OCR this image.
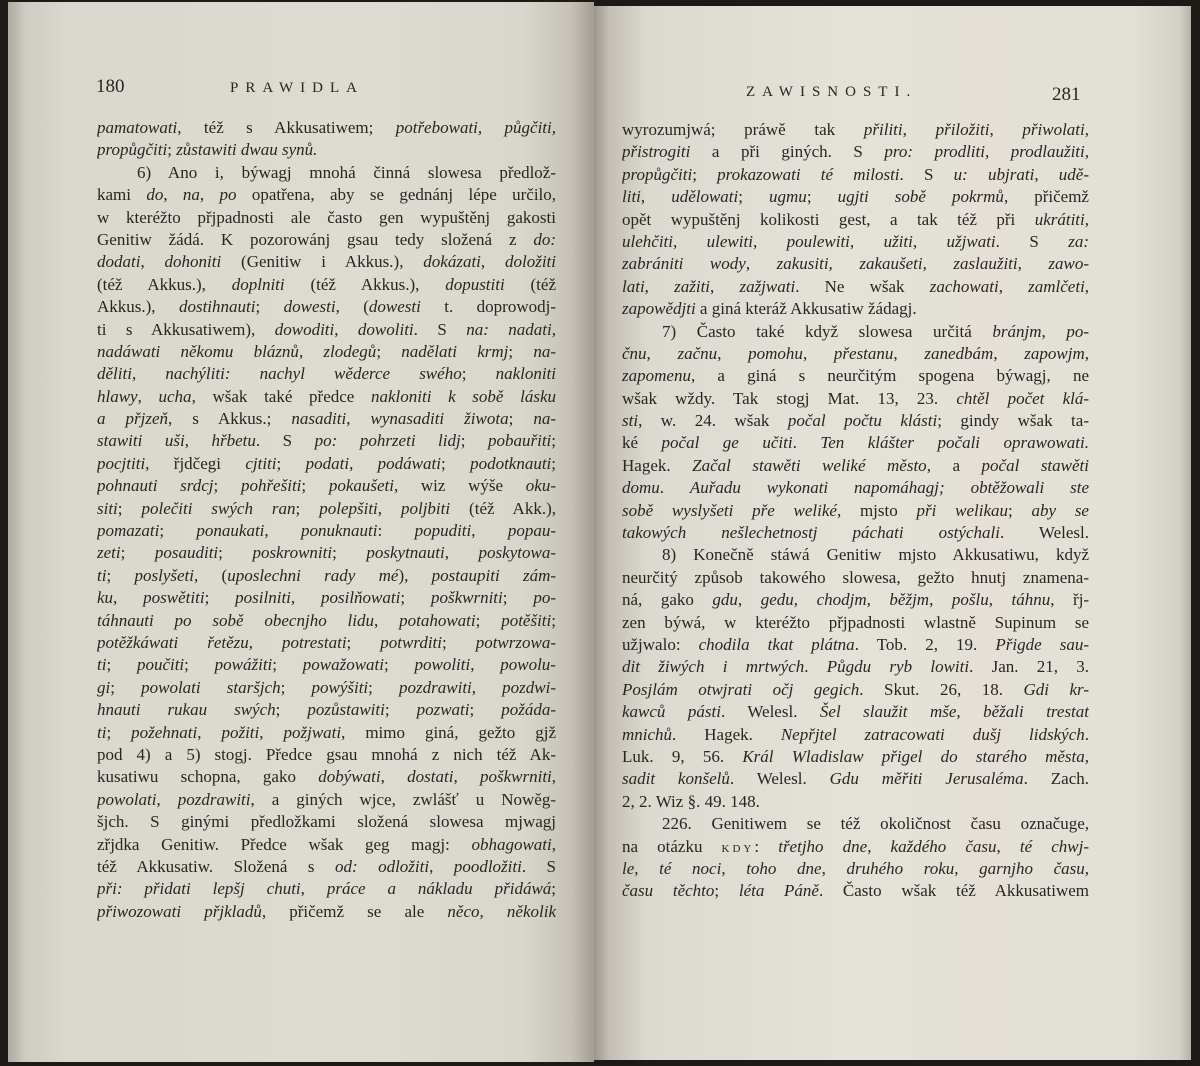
180	PRAWIDLA	ZAWISNOSTI.	281
pamatowati, též s Akkusatiwem; potřebowati, půgčiti,
propůgčiti; zůstawiti dwau synů.
6) Ano i, býwagj mnohá činná slowesa předlož-
kami do, na, po opatřena, aby se gednánj lépe určilo,
w kteréžto přjpadnosti ale často gen wypuštěnj gakosti
Genitiw žádá. K pozorowánj gsau tedy složená z do:
dodati, dohoniti (Genitiw i Akkus.), dokázati, doložiti
(též Akkus.), doplniti (též Akkus.), dopustiti (též
Akkus.), dostihnauti; dowesti, (dowesti t. doprowodj-
ti s Akkusatiwem), dowoditi, dowoliti. S na: nadati,
nadáwati někomu bláznů, zlodegů; nadělati krmj; na-
děliti, nachýliti: nachyl wěderce swého; nakloniti
hlawy, ucha, wšak také předce nakloniti k sobě lásku
a přjzeň, s Akkus.; nasaditi, wynasaditi žiwota; na-
stawiti uši, hřbetu. S po: pohrzeti lidj; pobauřiti;
pocjtiti, řjdčegi cjtiti; podati, podáwati; podotknauti;
pohnauti srdcj; pohřešiti; pokaušeti, wiz wýše oku-
siti; polečiti swých ran; polepšiti, poljbiti (též Akk.),
pomazati; ponaukati, ponuknauti: popuditi, popau-
zeti; posauditi; poskrowniti; poskytnauti, poskytowa-
ti; poslyšeti, (uposlechni rady mé), postaupiti zám-
ku, poswětiti; posilniti, posilňowati; poškwrniti; po-
táhnauti po sobě obecnjho lidu, potahowati; potěšiti;
potěžkáwati řetězu, potrestati; potwrditi; potwrzowa-
ti; poučiti; powážiti; powažowati; powoliti, powolu-
gi; powolati staršjch; powýšiti; pozdrawiti, pozdwi-
hnauti rukau swých; pozůstawiti; pozwati; požáda-
ti; požehnati, požiti, požjwati, mimo giná, gežto gjž
pod 4) a 5) stogj. Předce gsau mnohá z nich též Ak-
kusatiwu schopna, gako dobýwati, dostati, poškwrniti,
powolati, pozdrawiti, a giných wjce, zwlášť u Nowěg-
šjch. S ginými předložkami složená slowesa mjwagj
zřjdka Genitiw. Předce wšak geg magj: obhagowati,
též Akkusatiw. Složená s od: odložiti, poodložiti. S
při: přidati lepšj chuti, práce a nákladu přidáwá;
přiwozowati přjkladů, přičemž se ale něco, několik
wyrozumjwá; práwě tak přiliti, přiložiti, přiwolati,
přistrogiti a při giných. S pro: prodliti, prodlaužiti,
propůgčiti; prokazowati té milosti. S u: ubjrati, udě-
liti, udělowati; ugmu; ugjti sobě pokrmů, přičemž
opět wypuštěnj kolikosti gest, a tak též při ukrátiti,
ulehčiti, ulewiti, poulewiti, užiti, užjwati. S za:
zabrániti wody, zakusiti, zakaušeti, zaslaužiti, zawo-
lati, zažiti, zažjwati. Ne wšak zachowati, zamlčeti,
zapowědjti a giná kteráž Akkusatiw žádagj.
7) Často také když slowesa určitá bránjm, po-
čnu, začnu, pomohu, přestanu, zanedbám, zapowjm,
zapomenu, a giná s neurčitým spogena býwagj, ne
wšak wždy. Tak stogj Mat. 13, 23. chtěl počet klá-
sti, w. 24. wšak počal počtu klásti; gindy wšak ta-
ké počal ge učiti. Ten klášter počali oprawowati.
Hagek. Začal stawěti weliké město, a počal stawěti
domu. Auřadu wykonati napomáhagj; obtěžowali ste
sobě wyslyšeti pře weliké, mjsto při welikau; aby se
takowých nešlechetnostj páchati ostýchali. Welesl.
8) Konečně stáwá Genitiw mjsto Akkusatiwu, když
neurčitý způsob takowého slowesa, gežto hnutj znamena-
ná, gako gdu, gedu, chodjm, běžjm, pošlu, táhnu, řj-
zen býwá, w kteréžto přjpadnosti wlastně Supinum se
užjwalo: chodila tkat plátna. Tob. 2, 19. Přigde sau-
dit žiwých i mrtwých. Půgdu ryb lowiti. Jan. 21, 3.
Posjlám otwjrati očj gegich. Skut. 26, 18. Gdi kr-
kawců pásti. Welesl. Šel slaužit mše, běžali trestat
mnichů. Hagek. Nepřjtel zatracowati dušj lidských.
Luk. 9, 56. Král Wladislaw přigel do starého města,
sadit konšelů. Welesl. Gdu měřiti Jerusaléma. Zach.
2, 2. Wiz §. 49. 148.
226. Genitiwem se též okoličnost času označuge,
na otázku kdy: třetjho dne, každého času, té chwj-
le, té noci, toho dne, druhého roku, garnjho času,
času těchto; léta Páně. Často wšak též Akkusatiwem
